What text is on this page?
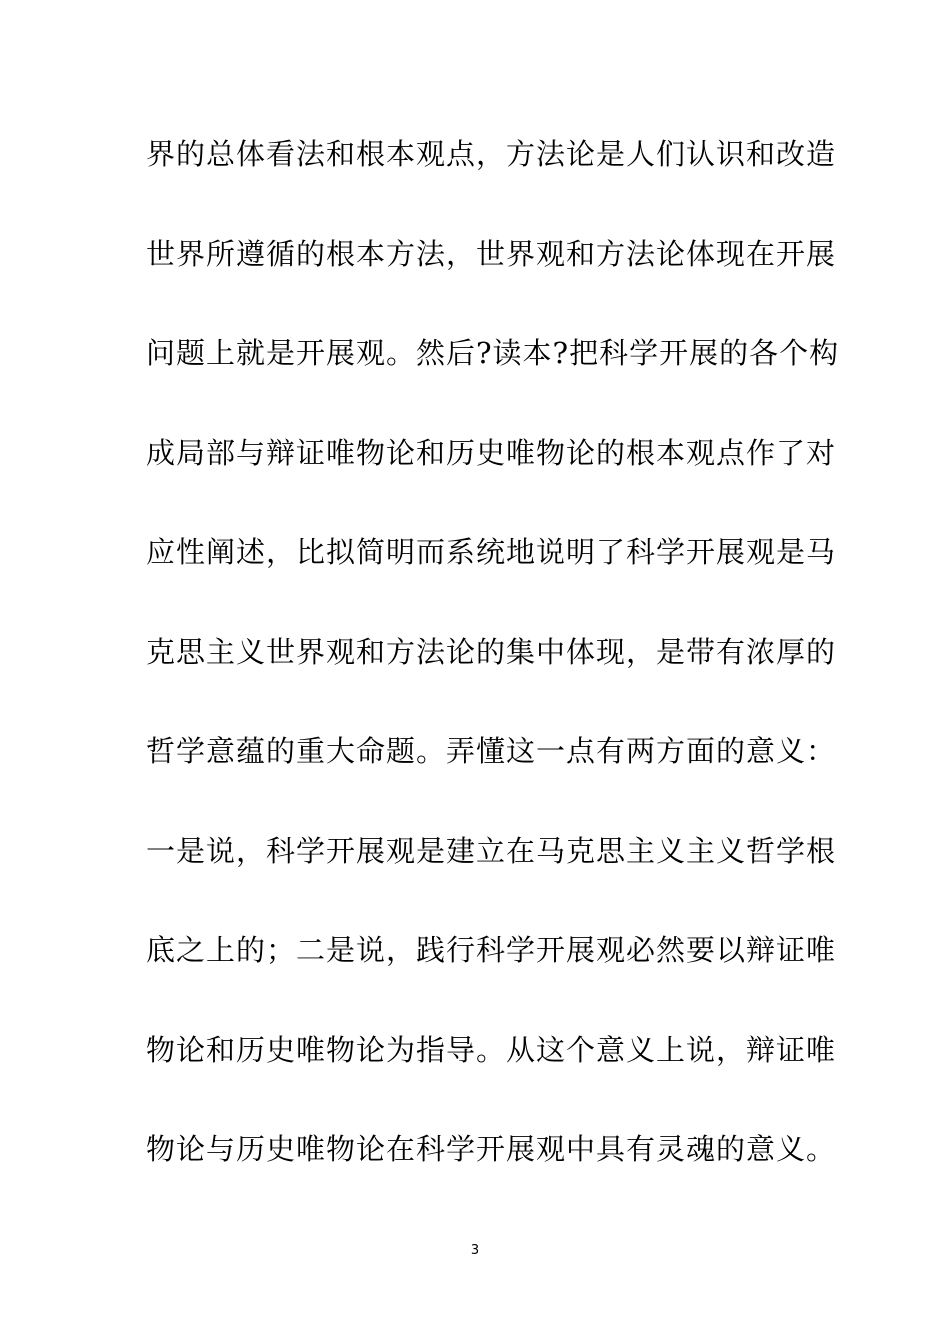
界的总体看法和根本观点，方法论是人们认识和改造
世界所遵循的根本方法，世界观和方法论体现在开展
问题上就是开展观。然后?读本?把科学开展的各个构
成局部与辩证唯物论和历史唯物论的根本观点作了对
应性阐述，比拟简明而系统地说明了科学开展观是马
克思主义世界观和方法论的集中体现，是带有浓厚的
哲学意蕴的重大命题。弄懂这一点有两方面的意义：
一是说，科学开展观是建立在马克思主义主义哲学根
底之上的；二是说，践行科学开展观必然要以辩证唯
物论和历史唯物论为指导。从这个意义上说，辩证唯
物论与历史唯物论在科学开展观中具有灵魂的意义。
3
